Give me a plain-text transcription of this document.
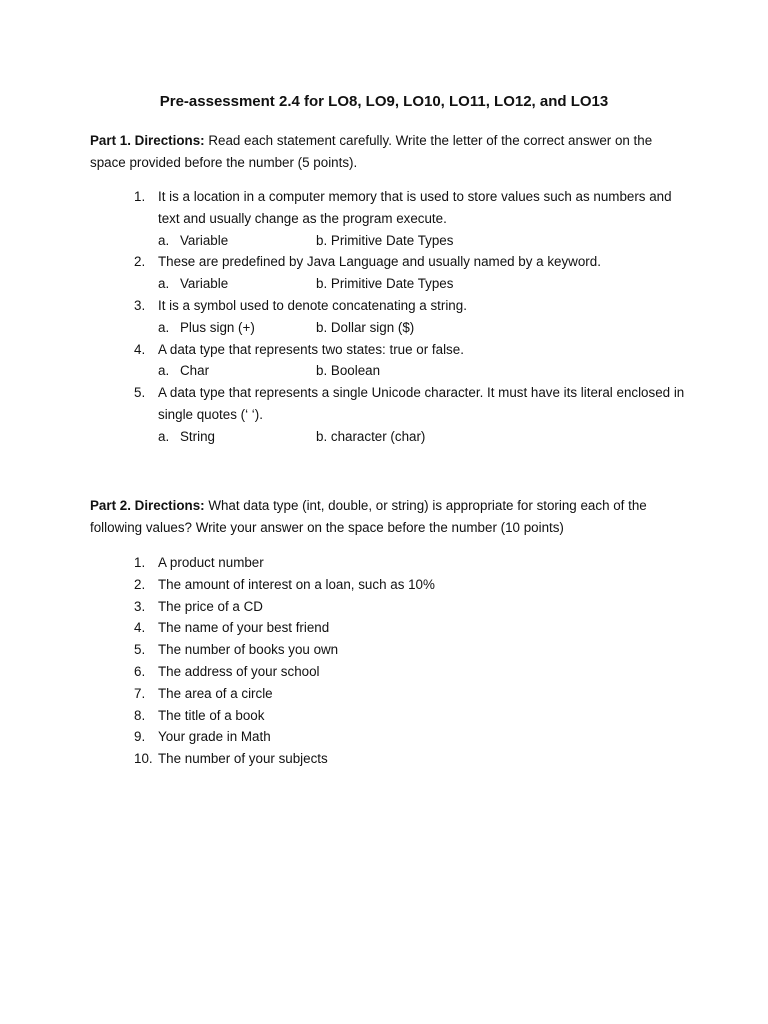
Pre-assessment 2.4 for LO8, LO9, LO10, LO11, LO12, and LO13

Part 1. Directions: Read each statement carefully. Write the letter of the correct answer on the space provided before the number (5 points).

1. It is a location in a computer memory that is used to store values such as numbers and text and usually change as the program execute.
a. Variable	b. Primitive Date Types
2. These are predefined by Java Language and usually named by a keyword.
a. Variable	b. Primitive Date Types
3. It is a symbol used to denote concatenating a string.
a. Plus sign (+)	b. Dollar sign ($)
4. A data type that represents two states: true or false.
a. Char	b. Boolean
5. A data type that represents a single Unicode character. It must have its literal enclosed in single quotes (‘ ‘).
a. String	b. character (char)

Part 2. Directions: What data type (int, double, or string) is appropriate for storing each of the following values? Write your answer on the space before the number (10 points)

1. A product number
2. The amount of interest on a loan, such as 10%
3. The price of a CD
4. The name of your best friend
5. The number of books you own
6. The address of your school
7. The area of a circle
8. The title of a book
9. Your grade in Math
10. The number of your subjects
